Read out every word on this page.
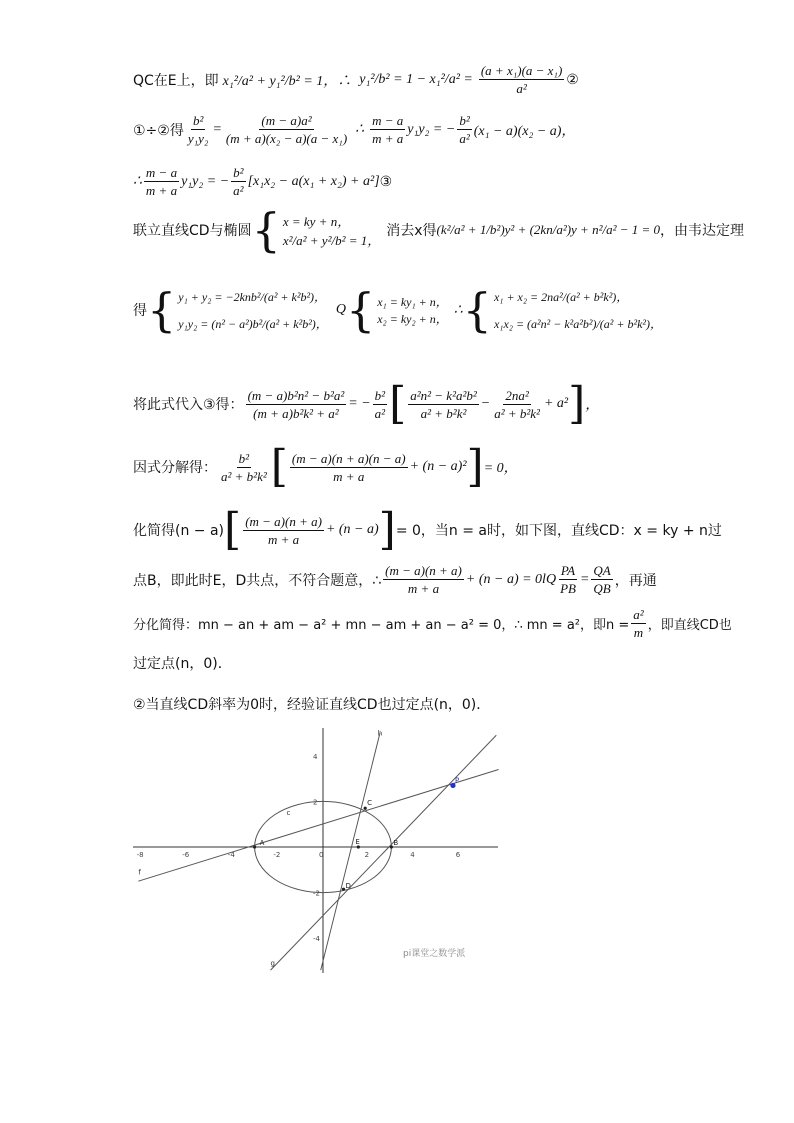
QC在E上，即 x₁²/a² + y₁²/b² = 1，∴ $y_1^2/b^2 = 1 - x_1^2/a^2 = \frac{\text{(a + x₁)(a − x₁)}}{\text{a²}}$ ②
①÷②得 $\frac{\text{b²}}{\text{y₁y₂}} = \frac{\text{(m − a)a²}}{\text{(m + a)(x₂ − a)(a − x₁)}}$ ∴ $\frac{m - a}{m + a} y_1y_2$ = − $\frac{\text{b²}}{\text{a²}} (x_1 - a)(x_2 - a)$，
∴ $\frac{m - a}{m + a} y_1y_2$ = − $\frac{\text{b²}}{\text{a²}} [x_1x_2 - a(x_1 + x_2) + a^2]$ ③
联立直线CD与椭圆 { x = ky + n，
x²/a² + y²/b² = 1，
消去x得 (k²/a² + 1/b²)y² + (2kn/a²)y + n²/a² − 1 = 0 ，由韦达定理
得 { y₁ + y₂ = −2knb²/(a² + k²b²)，
y₁y₂ = (n² − a²)b²/(a² + k²b²)，
Q { x₁ = ky₁ + n，
x₂ = ky₂ + n，
∴ { x₁ + x₂ = 2na²/(a² + b²k²)，
x₁x₂ = (a²n² − k²a²b²)/(a² + b²k²)，
将此式代入③得： $\frac{\text{(m − a)b²n² − b²a²}}{\text{(m + a)b²k² + a²}}$ = − $\frac{\text{b²}}{\text{a²}}$ [ $\frac{\text{a²n² − k²a²b²}}{\text{a² + b²k²}} - \frac{\text{2na²}}{\text{a² + b²k²}} + a^2$ ] ，
因式分解得： $\frac{\text{b²}}{\text{a² + b²k²}}$ [ $\frac{(m - a)(n + a)(n - a)}{m + a} + (n - a)^2$ ] = 0，
化简得(n − a) [ $\frac{(m - a)(n + a)}{m + a} + (n - a)$ ] = 0，当n = a时，如下图，直线CD：x = ky + n过
点B，即此时E，D共点，不符合题意，∴ $\frac{(m - a)(n + a)}{m + a} + (n - a) = 0lQ \frac{PA}{PB} = \frac{QA}{QB}$ ，再通
分化简得：mn − an + am − a² + mn − am + an − a² = 0，∴ mn = a²，即$n = \frac{\text{a²}}{m}$ ，即直线CD也
过定点(n，0)．
②当直线CD斜率为0时，经验证直线CD也过定点(n，0)．
-8	-6	-4	-2	0	2	4	6
4
2
-2
-4
A	B
C
D
E
P
c
f
g
h
pi课堂之数学派
